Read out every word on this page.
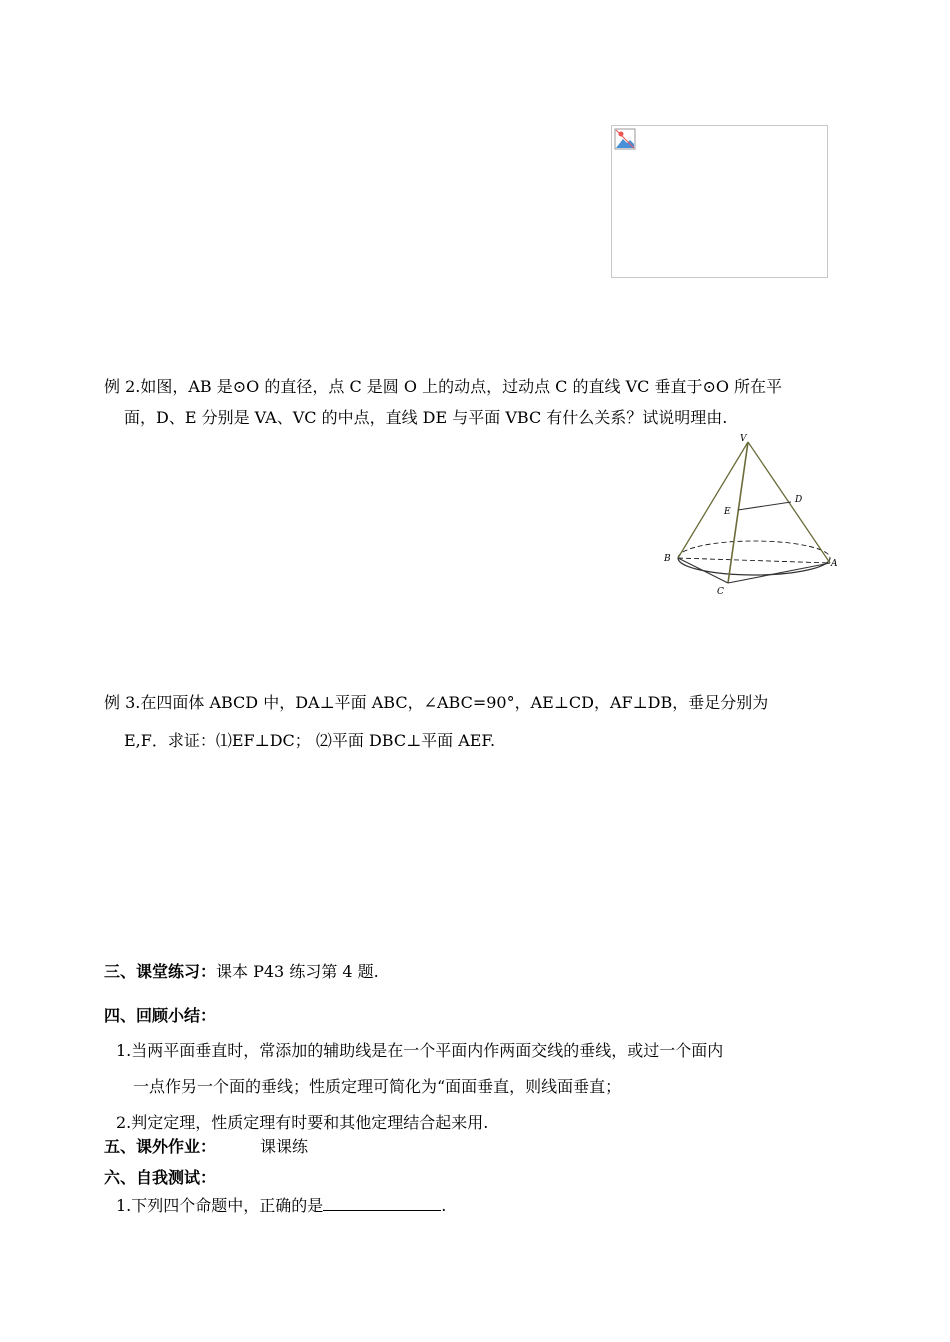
例 2.如图，AB 是⊙O 的直径，点 C 是圆 O 上的动点，过动点 C 的直线 VC 垂直于⊙O 所在平
面，D、E 分别是 VA、VC 的中点，直线 DE 与平面 VBC 有什么关系？试说明理由.
V
D
E
B	A
C
例 3.在四面体 ABCD 中，DA⊥平面 ABC，∠ABC=90°，AE⊥CD，AF⊥DB，垂足分别为
E,F．求证：⑴EF⊥DC； ⑵平面 DBC⊥平面 AEF.
三、课堂练习：课本 P43 练习第 4 题.
四、回顾小结：
1.当两平面垂直时，常添加的辅助线是在一个平面内作两面交线的垂线，或过一个面内
一点作另一个面的垂线；性质定理可简化为“面面垂直，则线面垂直；
2.判定定理，性质定理有时要和其他定理结合起来用.
五、课外作业：	课课练
六、自我测试：
1.下列四个命题中，正确的是	.
